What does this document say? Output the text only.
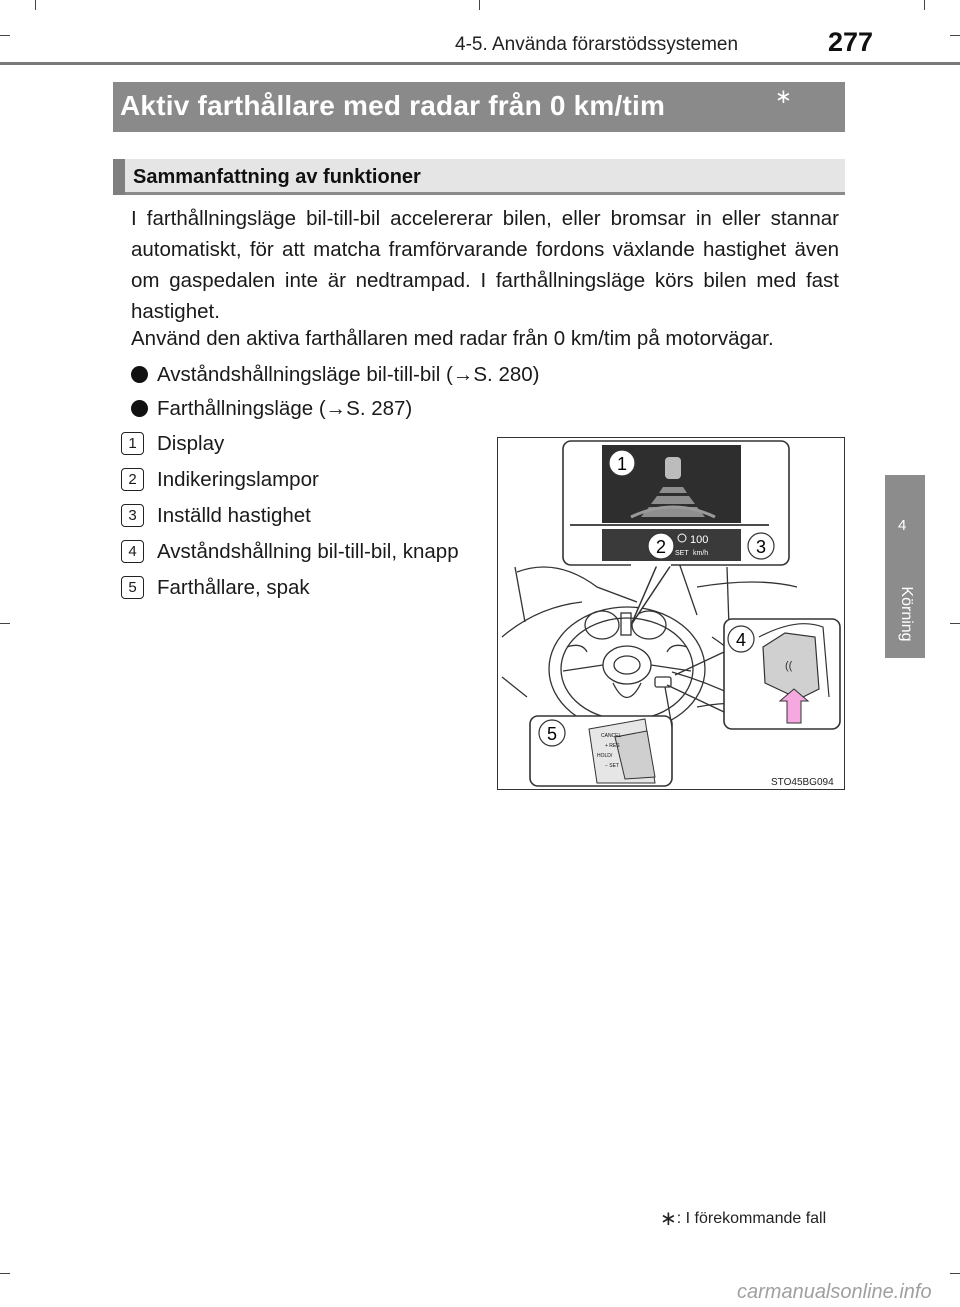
4-5. Använda förarstödssystemen	277
4
Körning
Aktiv farthållare med radar från 0 km/tim	∗
Sammanfattning av funktioner

I farthållningsläge bil-till-bil accelererar bilen, eller bromsar in eller stannar automatiskt, för att matcha framförvarande fordons växlande hastighet även om gaspedalen inte är nedtrampad. I farthållningsläge körs bilen med fast hastighet.

Använd den aktiva farthållaren med radar från 0 km/tim på motorvägar.

Avståndshållningsläge bil-till-bil (→S. 280)
Farthållningsläge (→S. 287)
1 Display
2 Indikeringslampor
3 Inställd hastighet
4 Avståndshållning bil-till-bil, knapp
5 Farthållare, spak
100
km/h
SET
1
2	3
((
4
CANCEL
+ RES
HOLD/
− SET
5
STO45BG094
∗: I förekommande fall
carmanualsonline.info
